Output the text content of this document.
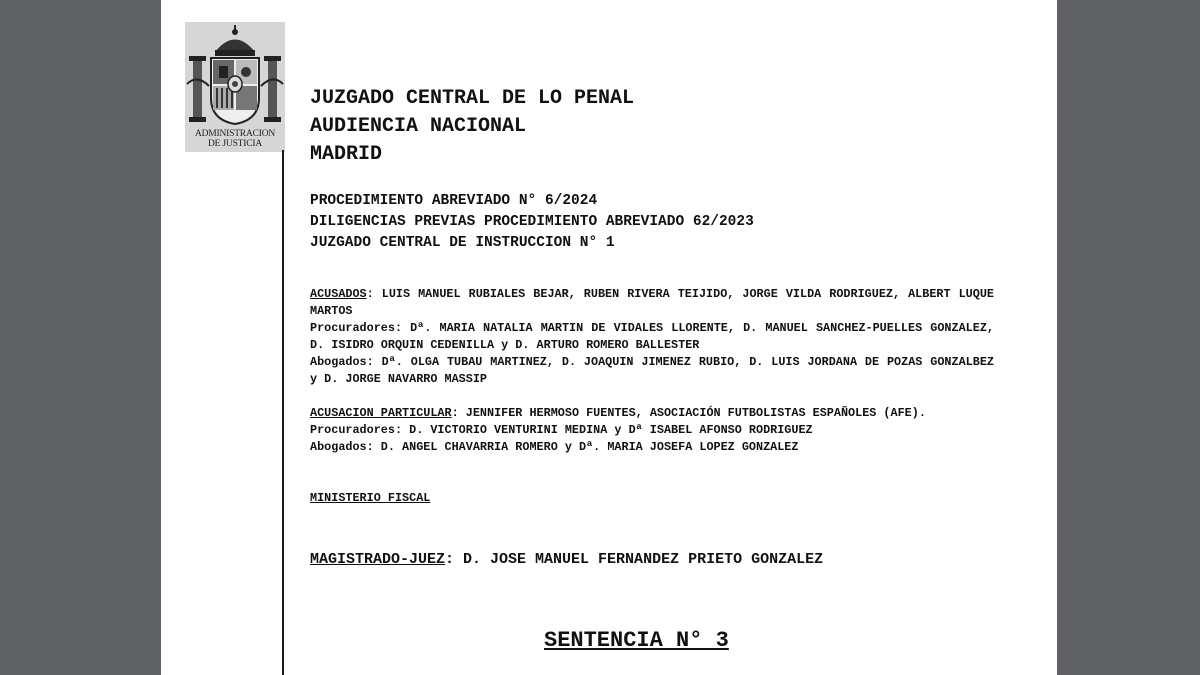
ADMINISTRACION
DE JUSTICIA
JUZGADO CENTRAL DE LO PENAL
AUDIENCIA NACIONAL
MADRID
PROCEDIMIENTO ABREVIADO N° 6/2024
DILIGENCIAS PREVIAS PROCEDIMIENTO ABREVIADO 62/2023
JUZGADO CENTRAL DE INSTRUCCION N° 1

ACUSADOS: LUIS MANUEL RUBIALES BEJAR, RUBEN RIVERA TEIJIDO, JORGE VILDA RODRIGUEZ, ALBERT LUQUE MARTOS

Procuradores: Dª. MARIA NATALIA MARTIN DE VIDALES LLORENTE, D. MANUEL SANCHEZ-PUELLES GONZALEZ, D. ISIDRO ORQUIN CEDENILLA y D. ARTURO ROMERO BALLESTER

Abogados: Dª. OLGA TUBAU MARTINEZ, D. JOAQUIN JIMENEZ RUBIO, D. LUIS JORDANA DE POZAS GONZALBEZ y D. JORGE NAVARRO MASSIP

ACUSACION PARTICULAR: JENNIFER HERMOSO FUENTES, ASOCIACIÓN FUTBOLISTAS ESPAÑOLES (AFE).

Procuradores: D. VICTORIO VENTURINI MEDINA y Dª ISABEL AFONSO RODRIGUEZ

Abogados: D. ANGEL CHAVARRIA ROMERO y Dª. MARIA JOSEFA LOPEZ GONZALEZ

MINISTERIO FISCAL

MAGISTRADO-JUEZ: D. JOSE MANUEL FERNANDEZ PRIETO GONZALEZ
SENTENCIA N° 3
